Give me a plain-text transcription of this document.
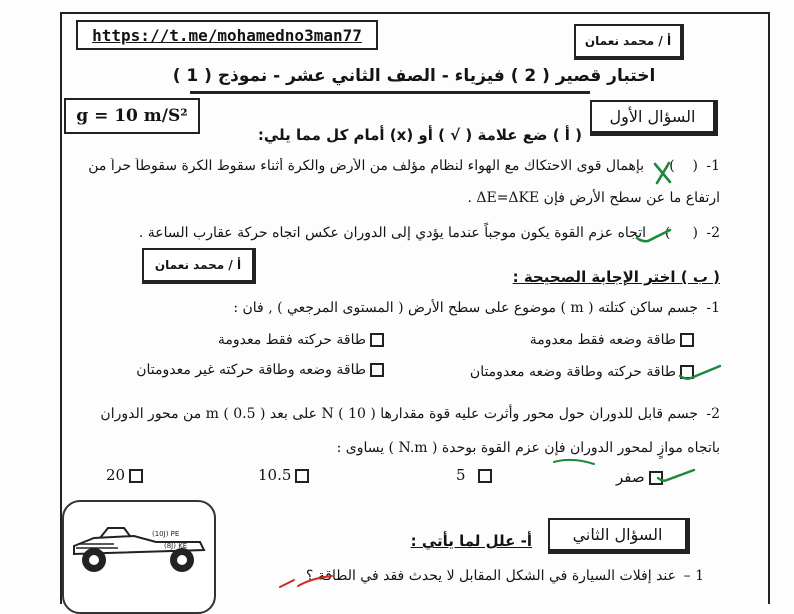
https://t.me/mohamedno3man77	أ / محمد نعمان
اختبار قصير ( 2 ) فيزياء - الصف الثاني عشر - نموذج ( 1 )
g = 10 m/S²	السؤال الأول
( أ ) ضع علامة ( √ ) أو (x) أمام كل مما يلي:
1-
(    )
بإهمال قوى الاحتكاك مع الهواء لنظام مؤلف من الأرض والكرة أثناء سقوط الكرة سقوطاً حراً من
ارتفاع ما عن سطح الأرض فإن ΔE=ΔKE .
2-
(     )
اتجاه عزم القوة يكون موجباً عندما يؤدي إلى الدوران عكس اتجاه حركة عقارب الساعة .
أ / محمد نعمان
( ب ) اختر الإجابة الصحيحة :
1-
جسم ساكن كتلته ( m ) موضوع على سطح الأرض ( المستوى المرجعي ) , فان :
طاقة وضعه فقط معدومة
طاقة حركته فقط معدومة
طاقة حركته وطاقة وضعه معدومتان
طاقة وضعه وطاقة حركته غير معدومتان
2-
جسم قابل للدوران حول محور وأثرت عليه قوة مقدارها N ( 10 ) على بعد m ( 0.5 ) من محور الدوران
باتجاه موازٍ لمحور الدوران فإن عزم القوة بوحدة ( N.m ) يساوى :
صفر
5
10.5
20
(10J) PE
(8J) KE
السؤال الثاني
أ- علل لما يأتي :
1 –
عند إفلات السيارة في الشكل المقابل لا يحدث فقد في الطاقة ؟
